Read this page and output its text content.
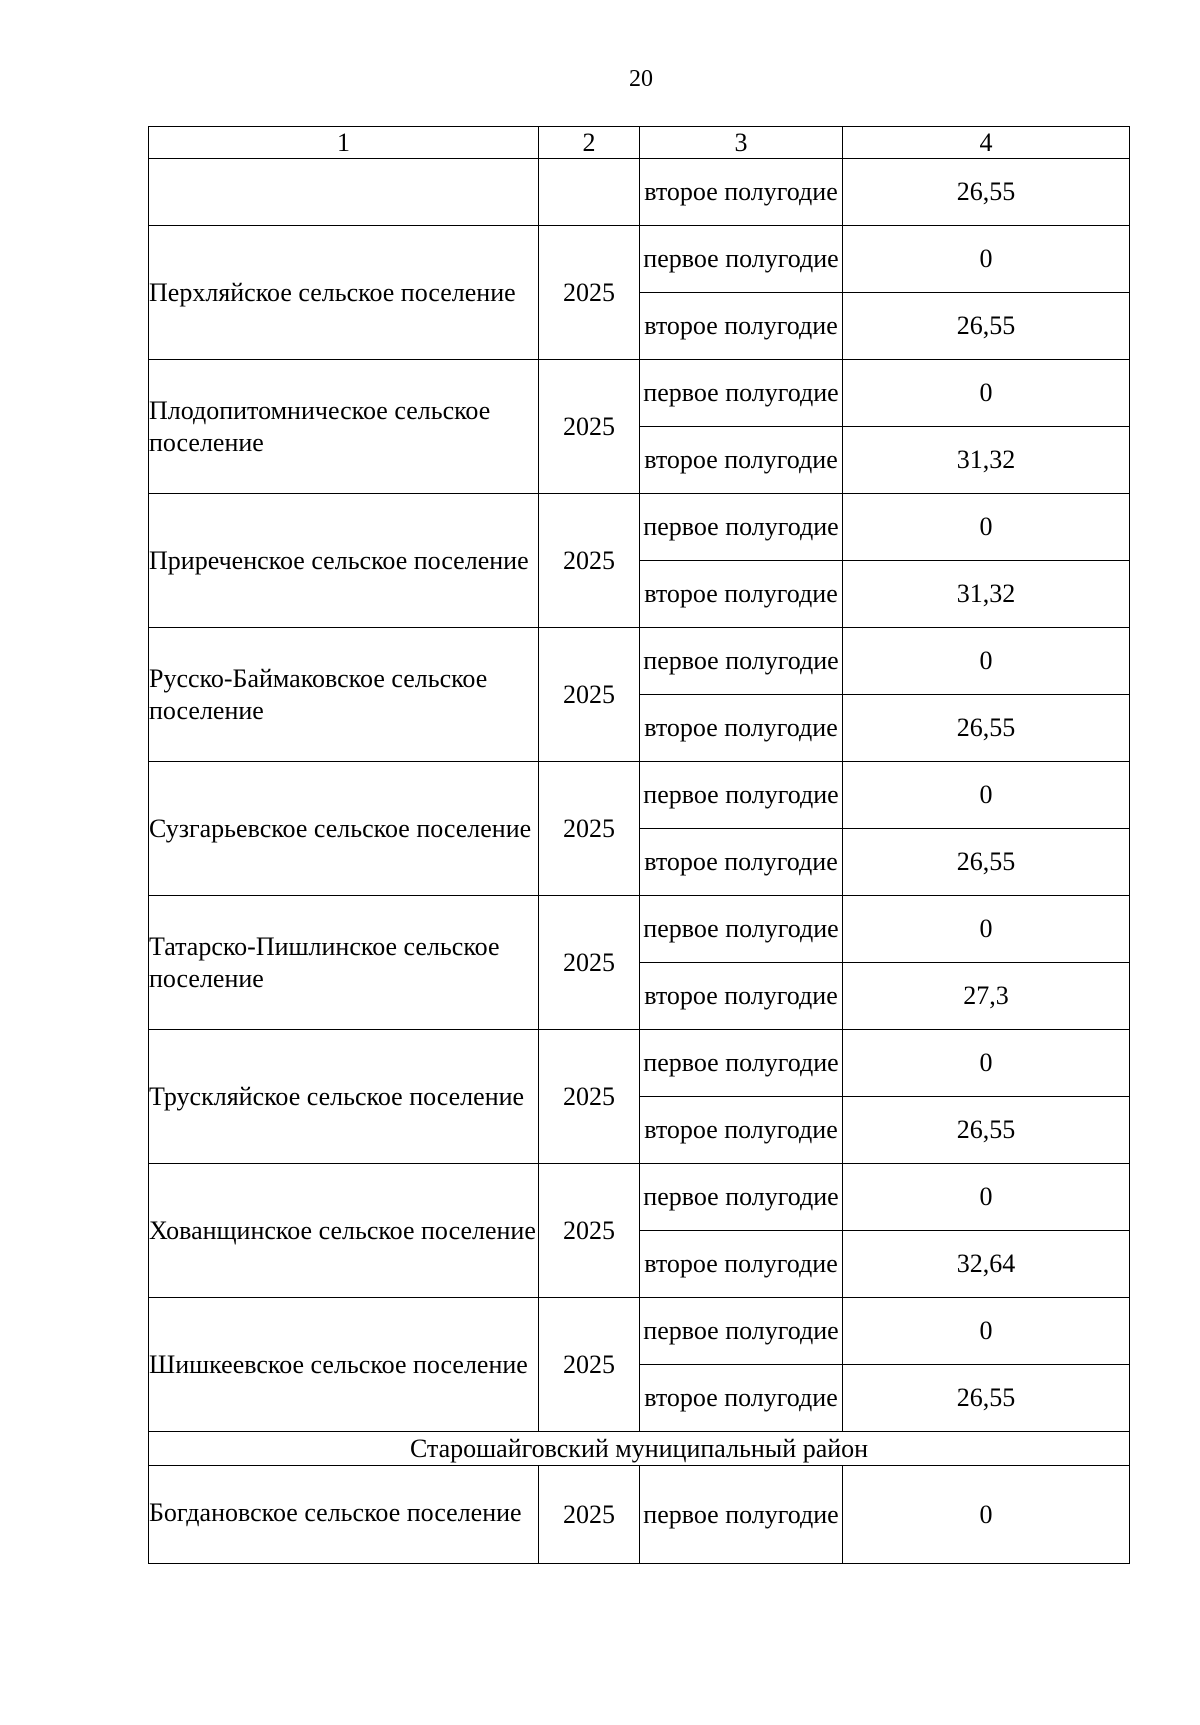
20
1	2	3	4
		второе полугодие	26,55
Перхляйское сельское поселение	2025	первое полугодие	0
		второе полугодие	26,55
Плодопитомническое сельское поселение	2025	первое полугодие	0
		второе полугодие	31,32
Приреченское сельское поселение	2025	первое полугодие	0
		второе полугодие	31,32
Русско-Баймаковское сельское поселение	2025	первое полугодие	0
		второе полугодие	26,55
Сузгарьевское сельское поселение	2025	первое полугодие	0
		второе полугодие	26,55
Татарско-Пишлинское сельское поселение	2025	первое полугодие	0
		второе полугодие	27,3
Трускляйское сельское поселение	2025	первое полугодие	0
		второе полугодие	26,55
Хованщинское сельское поселение	2025	первое полугодие	0
		второе полугодие	32,64
Шишкеевское сельское поселение	2025	первое полугодие	0
		второе полугодие	26,55
Старошайговский муниципальный район			
Богдановское сельское поселение	2025	первое полугодие	0
